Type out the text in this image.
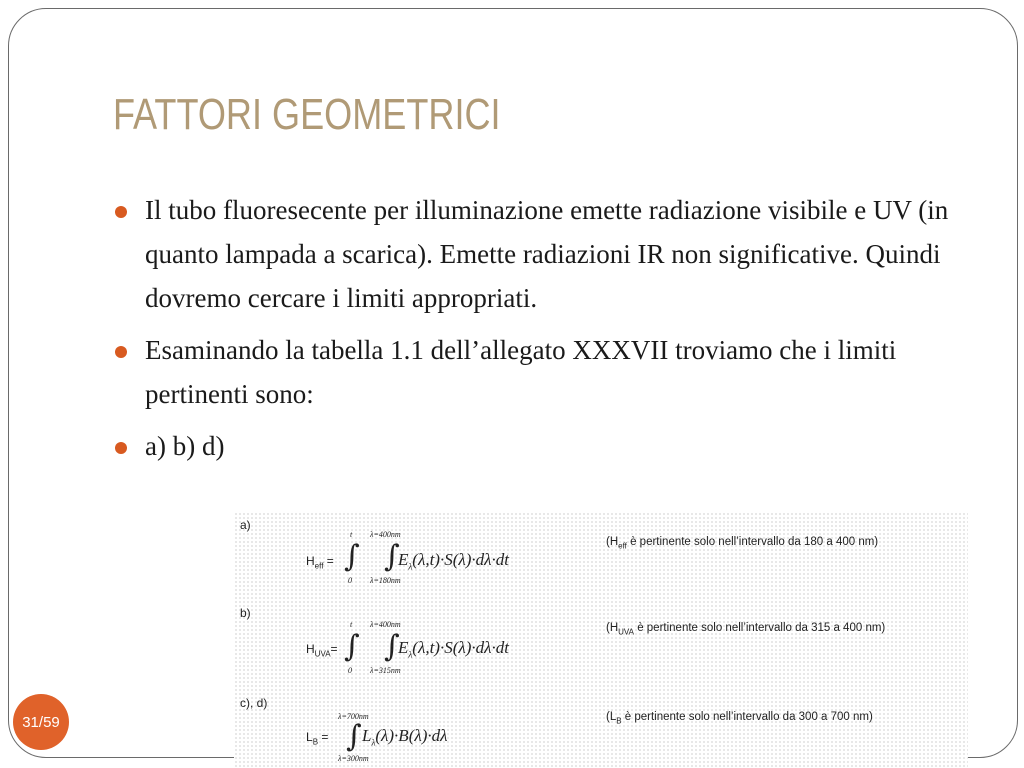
FATTORI GEOMETRICI
Il tubo fluoresecente per illuminazione emette radiazione visibile e UV (in quanto lampada a scarica). Emette radiazioni IR non significative. Quindi dovremo cercare i limiti appropriati.
Esaminando la tabella 1.1 dell’allegato XXXVII troviamo che i limiti pertinenti sono:
a) b) d)
a)
$H_{eff}$ =
t
∫
0
λ=400nm
∫
λ=180nm
$E_\lambda(\lambda,t)\cdot S(\lambda)\cdot d\lambda\cdot dt$
($H_{eff}$ è pertinente solo nell’intervallo da 180 a 400 nm)
b)
$H_{UVA}=$
t
∫
0
λ=400nm
∫
λ=315nm
$E_\lambda(\lambda,t)\cdot S(\lambda)\cdot d\lambda\cdot dt$
($H_{UVA}$ è pertinente solo nell’intervallo da 315 a 400 nm)
c), d)
$L_B$ =
λ=700nm
∫
λ=300nm
$L_\lambda(\lambda)\cdot B(\lambda)\cdot d\lambda$
($L_B$ è pertinente solo nell’intervallo da 300 a 700 nm)
31/59
